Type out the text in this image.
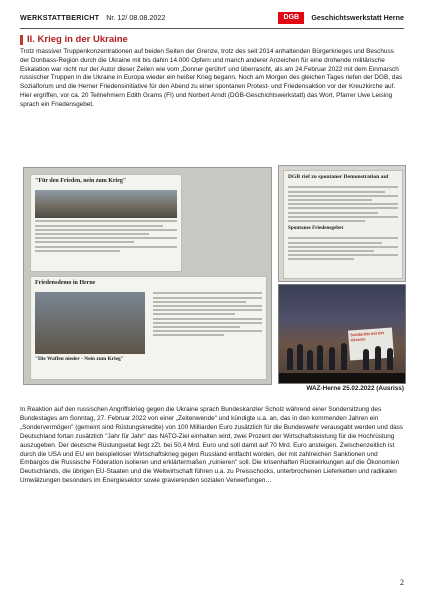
WERKSTATTBERICHT Nr. 12/ 08.08.2022	DGB Geschichtswerkstatt Herne
II. Krieg in der Ukraine

Trotz massiver Truppenkonzentrationen auf beiden Seiten der Grenze, trotz des seit 2014 anhaltenden Bürgerkrieges und Beschuss der Donbass-Region durch die Ukraine mit bis dahin 14.000 Opfern und manch anderer Anzeichen für eine drohende militärische Eskalation war nicht nur der Autor dieser Zeilen wie vom ‚Donner gerührt' und überrascht, als am 24.Februar 2022 mit dem Einmarsch russischer Truppen in die Ukraine in Europa wieder ein heißer Krieg begann. Noch am Morgen des gleichen Tages riefen der DGB, das Sozialforum und die Herner Friedensinitiative für den Abend zu einer spontanen Protest- und Friedensaktion vor der Kreuzkirche auf. Hier ergriffen, vor ca. 20 Teilnehmern Edith Grams (FI) und Norbert Arndt (DGB-Geschichtswerkstatt) das Wort, Pfarrer Uwe Leising sprach ein Friedensgebet.

"Für den Frieden, nein zum Krieg"
Friedensdemo in Herne
"Die Waffen nieder - Nein zum Krieg"
DGB rief zu spontaner Demonstration auf
Spontanes Friedensgebet
Solidarität mit der Ukraine
WAZ-Herne 25.02.2022 (Ausriss)

In Reaktion auf den russischen Angriffskrieg gegen die Ukraine sprach Bundeskanzler Scholz während einer Sondersitzung des Bundestages am Sonntag, 27. Februar 2022 von einer „Zeitenwende" und kündigte u.a. an, das in den kommenden Jahren ein „Sondervermögen" (gemeint sind Rüstungskredite) von 100 Milliarden Euro zusätzlich für die Bundeswehr verausgabt werden und dass Deutschland fortan zusätzlich "Jahr für Jahr" das NATO-Ziel einhalten wird, zwei Prozent der Wirtschaftsleistung für die Hochrüstung auszugeben. Der deutsche Rüstungsetat liegt zZt. bei 50,4 Mrd. Euro und soll damit auf 70 Mrd. Euro ansteigen. Zwischenzeitlich ist durch die USA und EU ein beispielloser Wirtschaftskrieg gegen Russland entfacht worden, der mit zahlreichen Sanktionen und Embargos die Russische Föderation isolieren und erklärtermaßen „ruinieren" soll. Die krisenhaften Rückwirkungen auf die Ökonomien Deutschlands, die übrigen EU-Staaten und die Weltwirtschaft führen u.a. zu Preisschocks, unterbrochenen Lieferketten und radikalen Umwälzungen besonders im Energiesektor sowie gravierenden sozialen Verwerfungen…

2
